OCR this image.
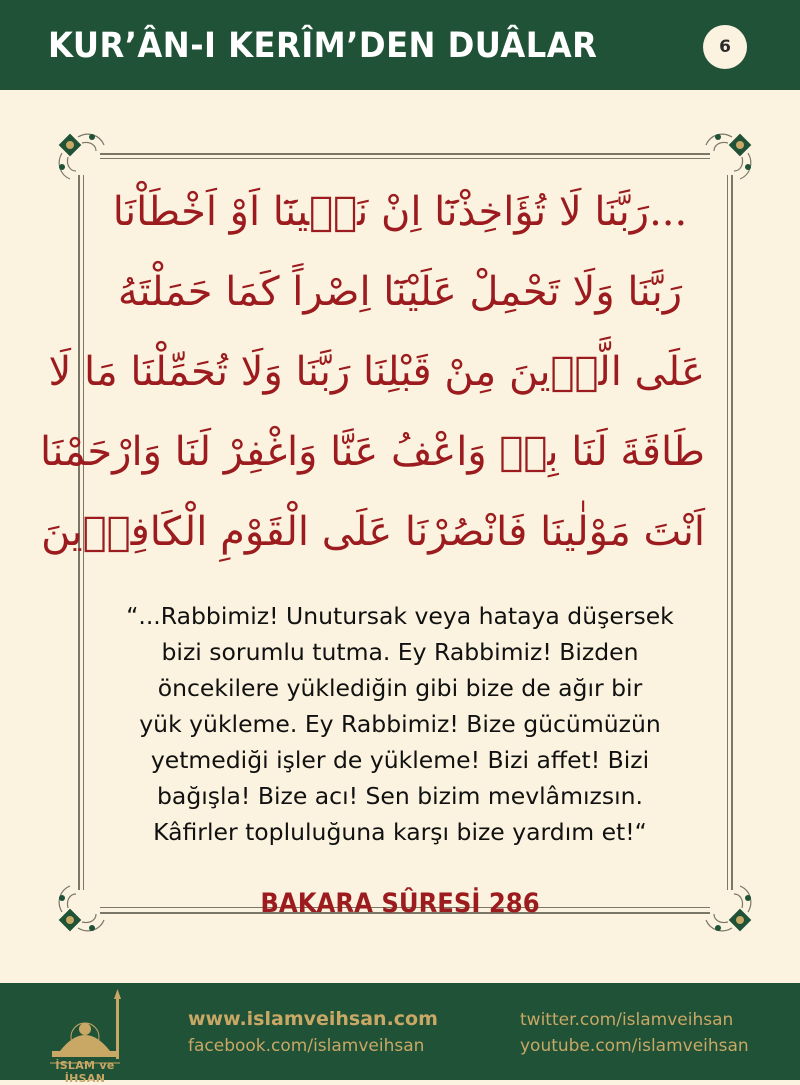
KUR’ÂN-I KERÎM’DEN DUÂLAR	6
...رَبَّنَا لَا تُؤَاخِذْنَٓا اِنْ نَسٖينَٓا اَوْ اَخْطَاْنَا
رَبَّنَا وَلَا تَحْمِلْ عَلَيْنَٓا اِصْراً كَمَا حَمَلْتَهُ
عَلَى الَّذٖينَ مِنْ قَبْلِنَا رَبَّنَا وَلَا تُحَمِّلْنَا مَا لَا
طَاقَةَ لَنَا بِهٖ وَاعْفُ عَنَّا وَاغْفِرْ لَنَا وَارْحَمْنَا
اَنْتَ مَوْلٰينَا فَانْصُرْنَا عَلَى الْقَوْمِ الْكَافِرٖينَ
“...Rabbimiz! Unutursak veya hataya düşersek
bizi sorumlu tutma. Ey Rabbimiz! Bizden
öncekilere yüklediğin gibi bize de ağır bir
yük yükleme. Ey Rabbimiz! Bize gücümüzün
yetmediği işler de yükleme! Bizi affet! Bizi
bağışla! Bize acı! Sen bizim mevlâmızsın.
Kâfirler topluluğuna karşı bize yardım et!“
BAKARA SÛRESİ 286
İSLAM ve İHSAN
www.islamveihsan.com
facebook.com/islamveihsan
twitter.com/islamveihsan
youtube.com/islamveihsan
